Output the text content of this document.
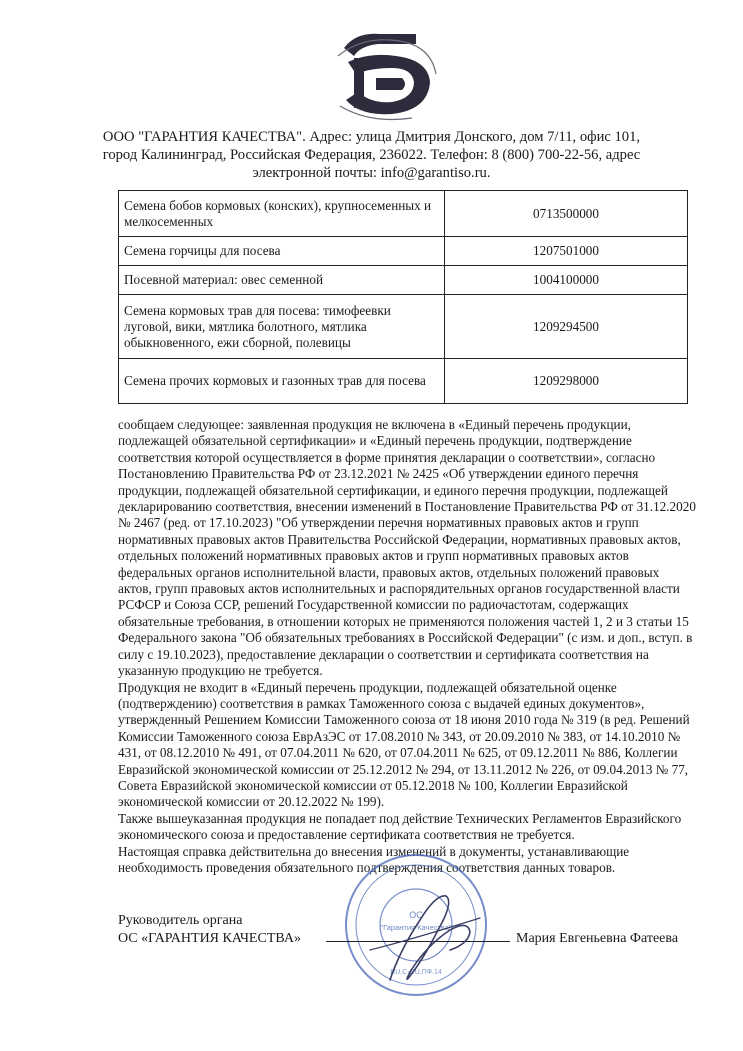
ООО "ГАРАНТИЯ КАЧЕСТВА". Адрес: улица Дмитрия Донского, дом 7/11, офис 101,
город Калининград, Российская Федерация, 236022. Телефон: 8 (800) 700-22-56, адрес
электронной почты: info@garantiso.ru.
Семена бобов кормовых (конских), крупносеменных и мелкосеменных	0713500000
Семена горчицы для посева	1207501000
Посевной материал: овес семенной	1004100000
Семена кормовых трав для посева: тимофеевки луговой, вики, мятлика болотного, мятлика обыкновенного, ежи сборной, полевицы	1209294500
Семена прочих кормовых и газонных трав для посева	1209298000

сообщаем следующее: заявленная продукция не включена в «Единый перечень продукции, подлежащей обязательной сертификации» и «Единый перечень продукции, подтверждение соответствия которой осуществляется в форме принятия декларации о соответствии», согласно Постановлению Правительства РФ от 23.12.2021 № 2425 «Об утверждении единого перечня продукции, подлежащей обязательной сертификации, и единого перечня продукции, подлежащей декларированию соответствия, внесении изменений в Постановление Правительства РФ от 31.12.2020 № 2467 (ред. от 17.10.2023) "Об утверждении перечня нормативных правовых актов и групп нормативных правовых актов Правительства Российской Федерации, нормативных правовых актов, отдельных положений нормативных правовых актов и групп нормативных правовых актов федеральных органов исполнительной власти, правовых актов, отдельных положений правовых актов, групп правовых актов исполнительных и распорядительных органов государственной власти РСФСР и Союза ССР, решений Государственной комиссии по радиочастотам, содержащих обязательные требования, в отношении которых не применяются положения частей 1, 2 и 3 статьи 15 Федерального закона "Об обязательных требованиях в Российской Федерации" (с изм. и доп., вступ. в силу с 19.10.2023), предоставление декларации о соответствии и сертификата соответствия на указанную продукцию не требуется.

Продукция не входит в «Единый перечень продукции, подлежащей обязательной оценке (подтверждению) соответствия в рамках Таможенного союза с выдачей единых документов», утвержденный Решением Комиссии Таможенного союза от 18 июня 2010 года № 319 (в ред. Решений Комиссии Таможенного союза ЕврАзЭС от 17.08.2010 № 343, от 20.09.2010 № 383, от 14.10.2010 № 431, от 08.12.2010 № 491, от 07.04.2011 № 620, от 07.04.2011 № 625, от 09.12.2011 № 886, Коллегии Евразийской экономической комиссии от 25.12.2012 № 294, от 13.11.2012 № 226, от 09.04.2013 № 77, Совета Евразийской экономической комиссии от 05.12.2018 № 100, Коллегии Евразийской экономической комиссии от 20.12.2022 № 199).

Также вышеуказанная продукция не попадает под действие Технических Регламентов Евразийского экономического союза и предоставление сертификата соответствия не требуется.

Настоящая справка действительна до внесения изменений в документы, устанавливающие необходимость проведения обязательного подтверждения соответствия данных товаров.

ОС
"Гарантия Качества"
RU.C-RU.ПФ.14
Руководитель органа
ОС «ГАРАНТИЯ КАЧЕСТВА»	Мария Евгеньевна Фатеева
